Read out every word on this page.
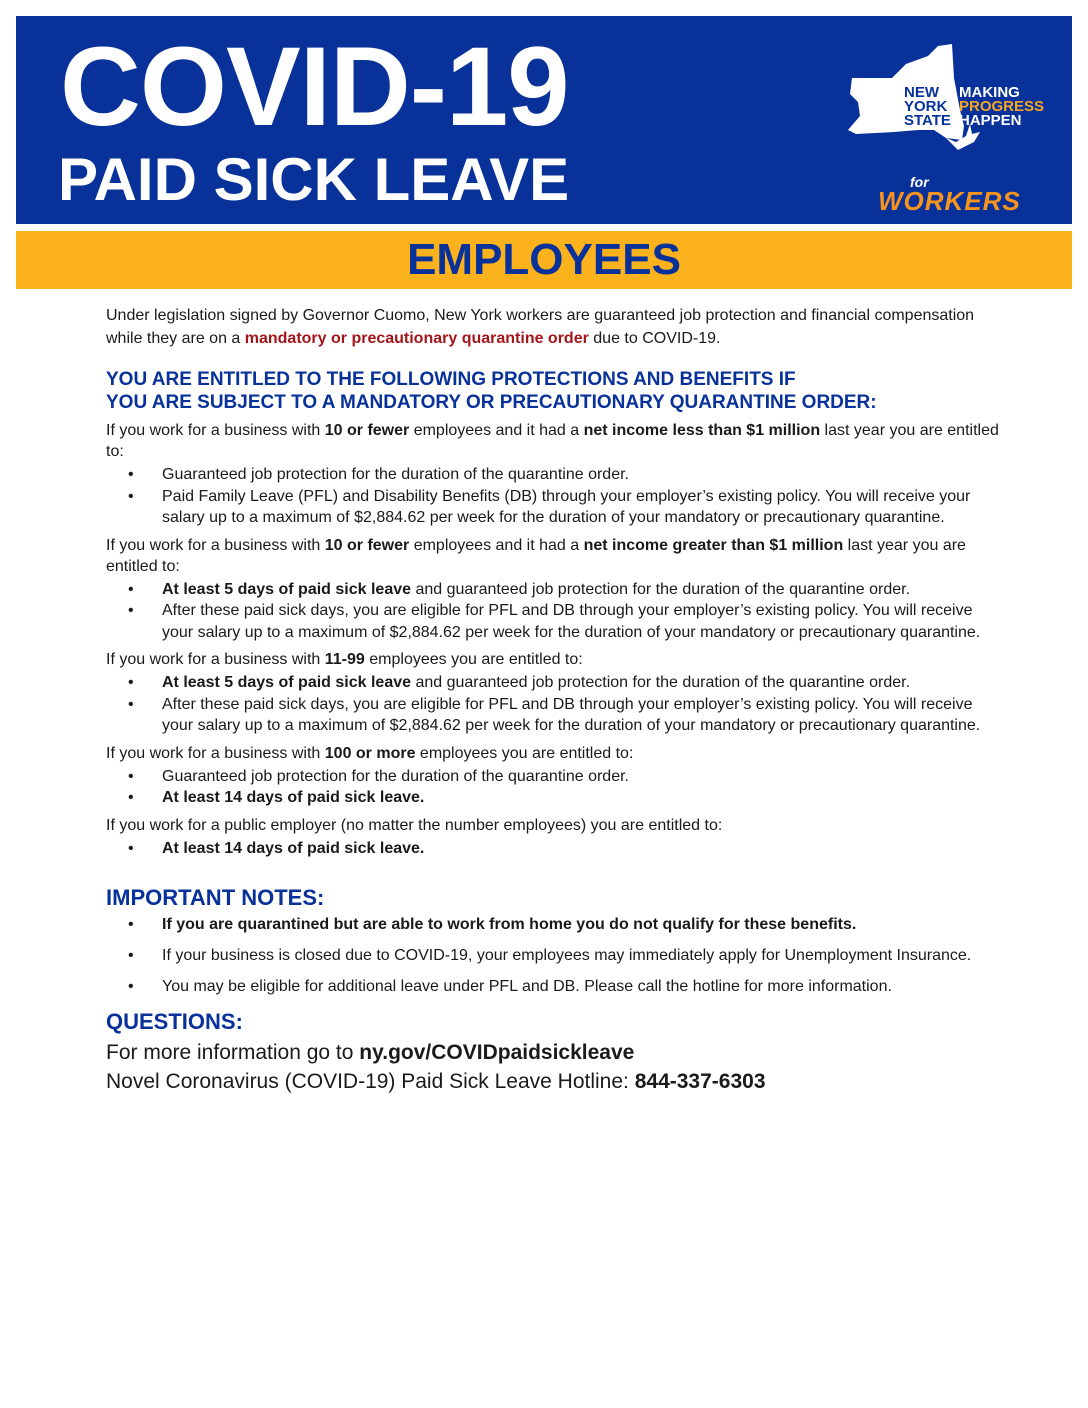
COVID-19
PAID SICK LEAVE
NEW
YORK
STATE
MAKING
PROGRESS
HAPPEN
for
WORKERS
EMPLOYEES

Under legislation signed by Governor Cuomo, New York workers are guaranteed job protection and financial compensation while they are on a mandatory or precautionary quarantine order due to COVID-19.

YOU ARE ENTITLED TO THE FOLLOWING PROTECTIONS AND BENEFITS IF
YOU ARE SUBJECT TO A MANDATORY OR PRECAUTIONARY QUARANTINE ORDER:

If you work for a business with 10 or fewer employees and it had a net income less than $1 million last year you are entitled to:

• Guaranteed job protection for the duration of the quarantine order.
• Paid Family Leave (PFL) and Disability Benefits (DB) through your employer’s existing policy. You will receive your salary up to a maximum of $2,884.62 per week for the duration of your mandatory or precautionary quarantine.

If you work for a business with 10 or fewer employees and it had a net income greater than $1 million last year you are entitled to:

• At least 5 days of paid sick leave and guaranteed job protection for the duration of the quarantine order.
• After these paid sick days, you are eligible for PFL and DB through your employer’s existing policy. You will receive your salary up to a maximum of $2,884.62 per week for the duration of your mandatory or precautionary quarantine.

If you work for a business with 11-99 employees you are entitled to:

• At least 5 days of paid sick leave and guaranteed job protection for the duration of the quarantine order.
• After these paid sick days, you are eligible for PFL and DB through your employer’s existing policy. You will receive your salary up to a maximum of $2,884.62 per week for the duration of your mandatory or precautionary quarantine.

If you work for a business with 100 or more employees you are entitled to:

• Guaranteed job protection for the duration of the quarantine order.
• At least 14 days of paid sick leave.

If you work for a public employer (no matter the number employees) you are entitled to:

• At least 14 days of paid sick leave.
IMPORTANT NOTES:
• If you are quarantined but are able to work from home you do not qualify for these benefits.
• If your business is closed due to COVID-19, your employees may immediately apply for Unemployment Insurance.
• You may be eligible for additional leave under PFL and DB. Please call the hotline for more information.
QUESTIONS:

For more information go to ny.gov/COVIDpaidsickleave

Novel Coronavirus (COVID-19) Paid Sick Leave Hotline: 844-337-6303
